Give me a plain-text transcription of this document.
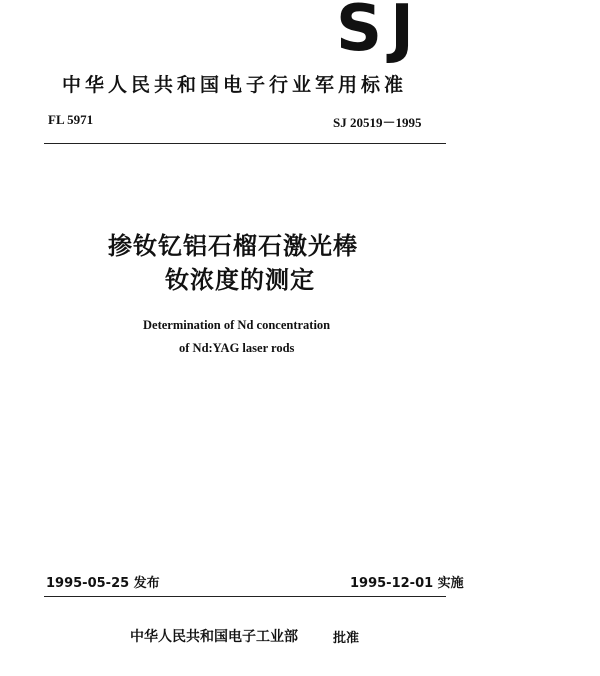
SJ
中华人民共和国电子行业军用标准
FL 5971	SJ 20519－1995
掺钕钇铝石榴石激光棒
钕浓度的测定
Determination of Nd concentration
of Nd:YAG laser rods
1995-05-25 发布	1995-12-01 实施
中华人民共和国电子工业部	批准
